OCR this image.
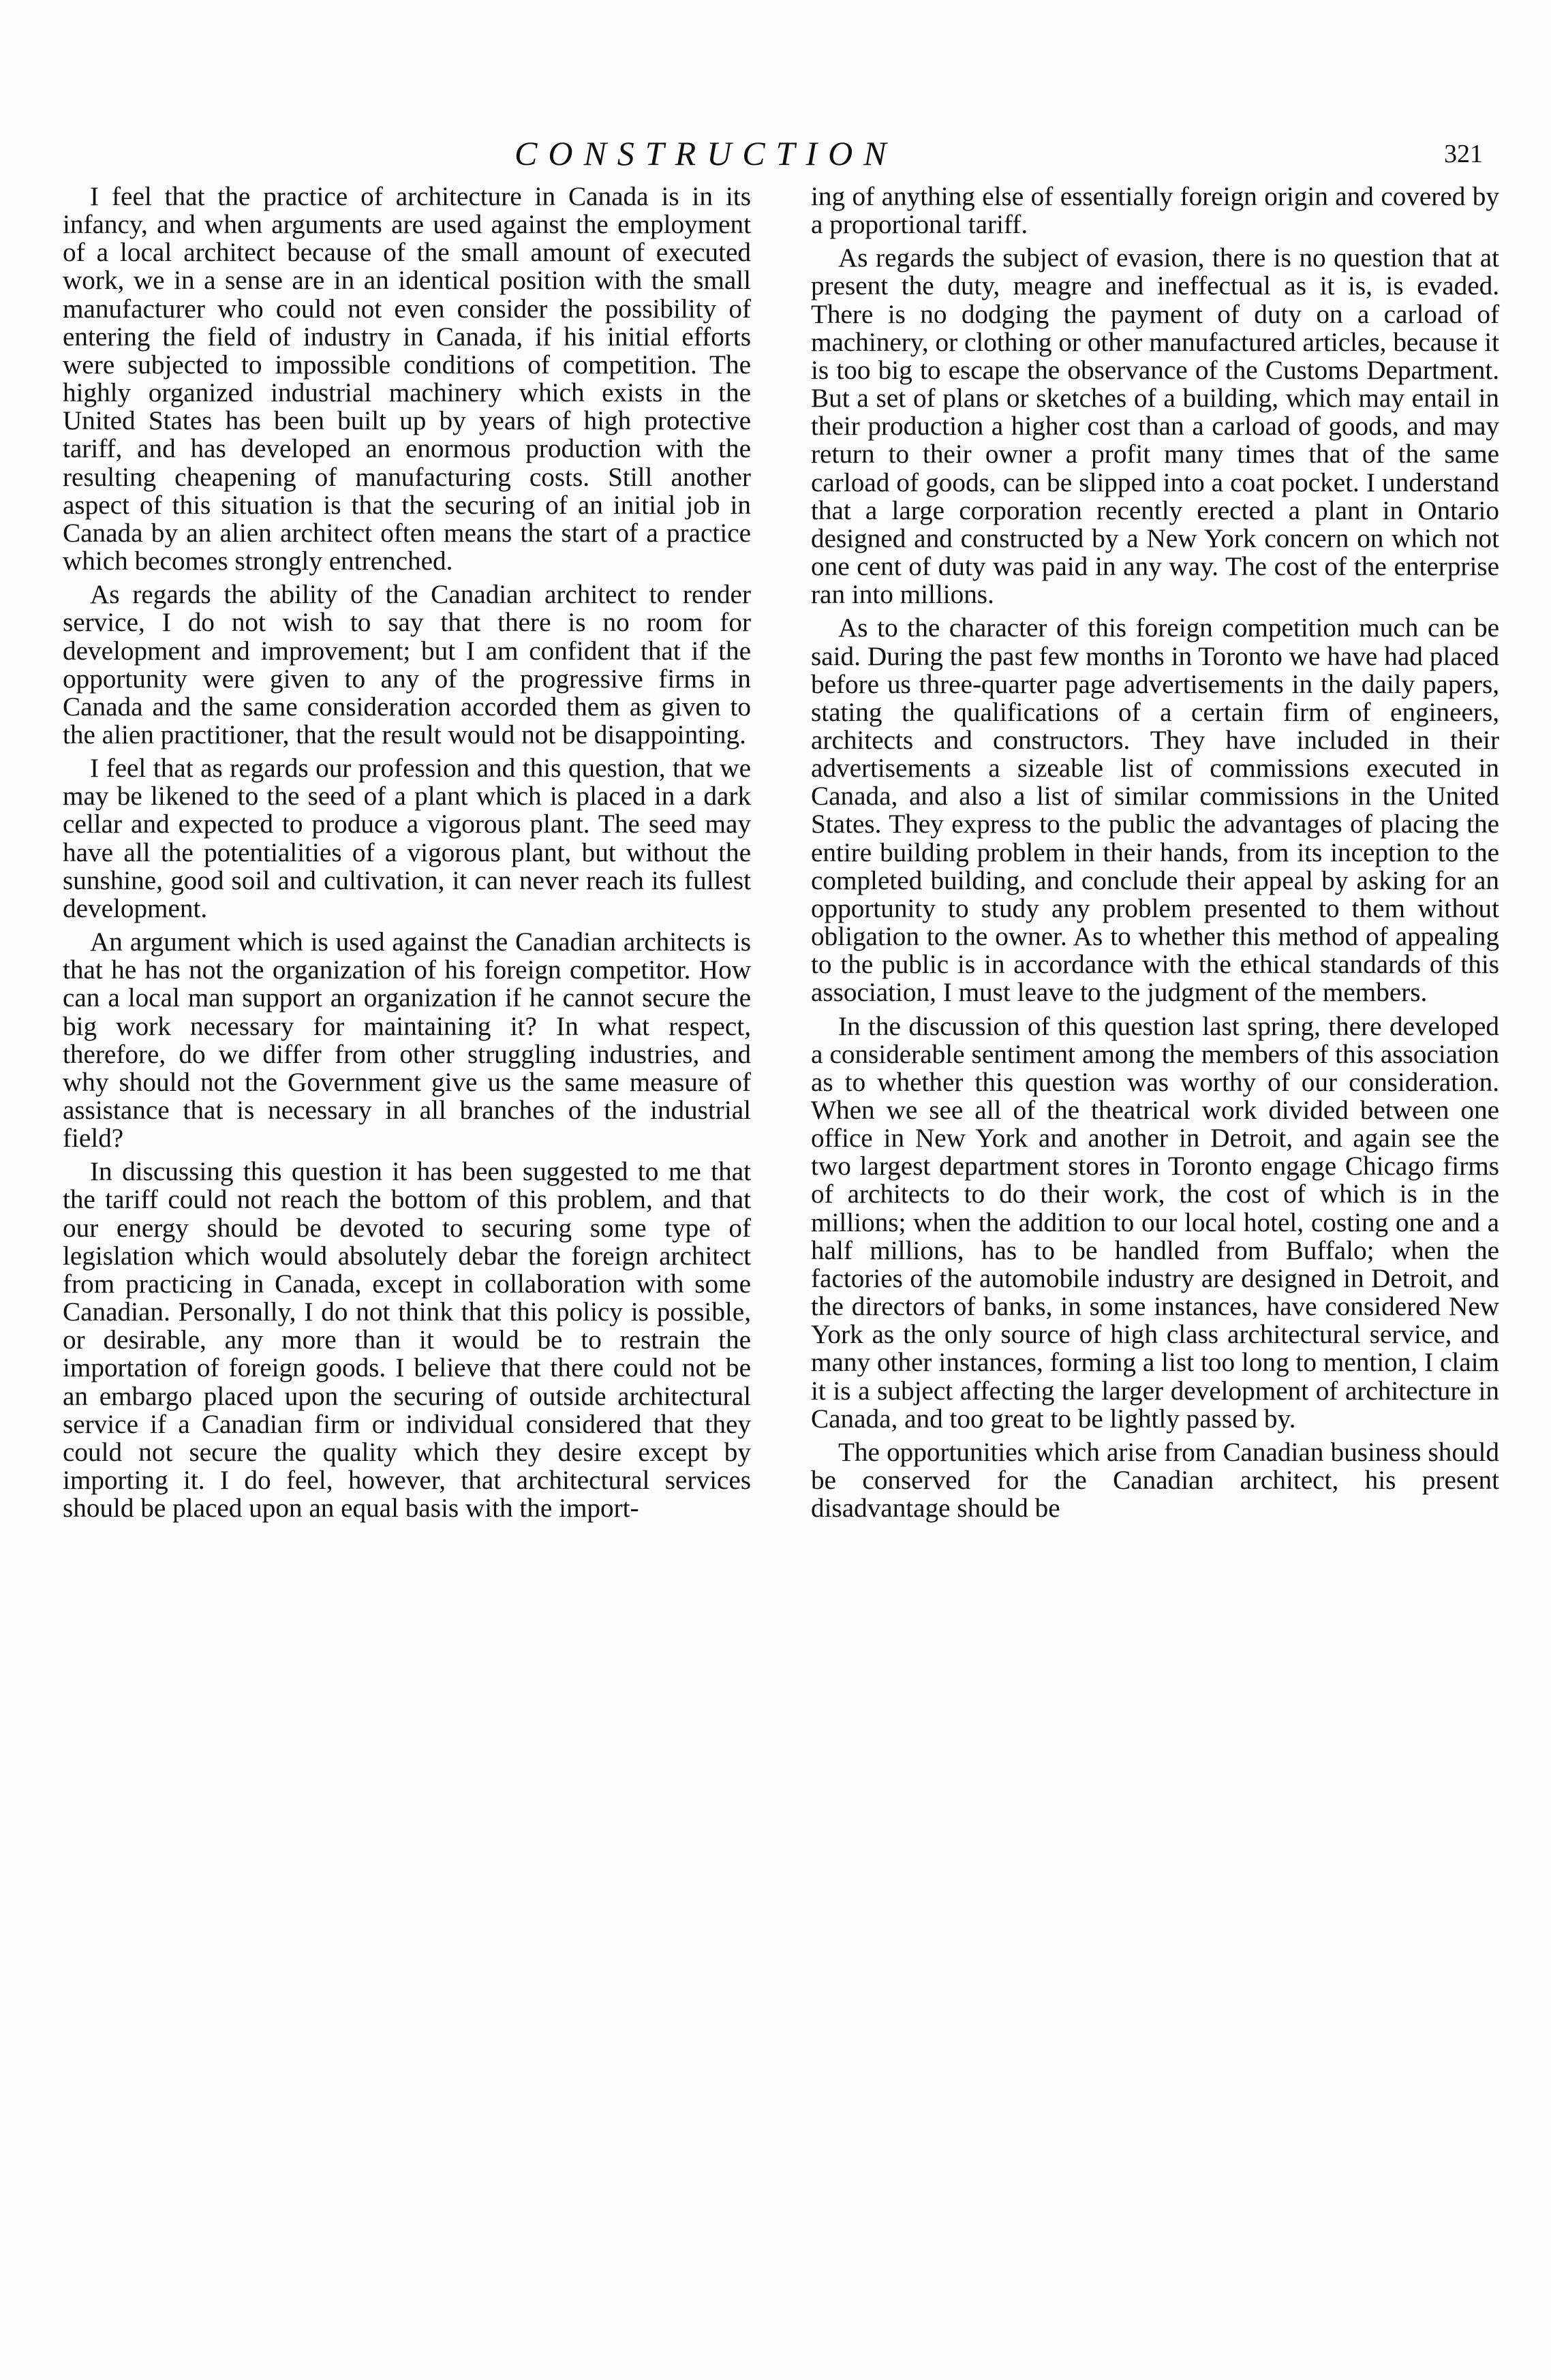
CONSTRUCTION	321

I feel that the practice of architecture in Canada is in its infancy, and when arguments are used against the employment of a local architect because of the small amount of executed work, we in a sense are in an identical position with the small manufacturer who could not even consider the possibility of entering the field of industry in Canada, if his initial efforts were subjected to impossible conditions of competition. The highly organized industrial machinery which exists in the United States has been built up by years of high protective tariff, and has developed an enormous production with the resulting cheapening of manufacturing costs. Still another aspect of this situation is that the securing of an initial job in Canada by an alien architect often means the start of a practice which becomes strongly entrenched.

As regards the ability of the Canadian architect to render service, I do not wish to say that there is no room for development and improvement; but I am confident that if the opportunity were given to any of the progressive firms in Canada and the same consideration accorded them as given to the alien practitioner, that the result would not be disappointing.

I feel that as regards our profession and this question, that we may be likened to the seed of a plant which is placed in a dark cellar and expected to produce a vigorous plant. The seed may have all the potentialities of a vigorous plant, but without the sunshine, good soil and cultivation, it can never reach its fullest development.

An argument which is used against the Canadian architects is that he has not the organization of his foreign competitor. How can a local man support an organization if he cannot secure the big work necessary for maintaining it? In what respect, therefore, do we differ from other struggling industries, and why should not the Government give us the same measure of assistance that is necessary in all branches of the industrial field?

In discussing this question it has been suggested to me that the tariff could not reach the bottom of this problem, and that our energy should be devoted to securing some type of legislation which would absolutely debar the foreign architect from practicing in Canada, except in collaboration with some Canadian. Personally, I do not think that this policy is possible, or desirable, any more than it would be to restrain the importation of foreign goods. I believe that there could not be an embargo placed upon the securing of outside architectural service if a Canadian firm or individual considered that they could not secure the quality which they desire except by importing it. I do feel, however, that architectural services should be placed upon an equal basis with the import-

ing of anything else of essentially foreign origin and covered by a proportional tariff.

As regards the subject of evasion, there is no question that at present the duty, meagre and ineffectual as it is, is evaded. There is no dodging the payment of duty on a carload of machinery, or clothing or other manufactured articles, because it is too big to escape the observance of the Customs Department. But a set of plans or sketches of a building, which may entail in their production a higher cost than a carload of goods, and may return to their owner a profit many times that of the same carload of goods, can be slipped into a coat pocket. I understand that a large corporation recently erected a plant in Ontario designed and constructed by a New York concern on which not one cent of duty was paid in any way. The cost of the enterprise ran into millions.

As to the character of this foreign competition much can be said. During the past few months in Toronto we have had placed before us three-quarter page advertisements in the daily papers, stating the qualifications of a certain firm of engineers, architects and constructors. They have included in their advertisements a sizeable list of commissions executed in Canada, and also a list of similar commissions in the United States. They express to the public the advantages of placing the entire building problem in their hands, from its inception to the completed building, and conclude their appeal by asking for an opportunity to study any problem presented to them without obligation to the owner. As to whether this method of appealing to the public is in accordance with the ethical standards of this association, I must leave to the judgment of the members.

In the discussion of this question last spring, there developed a considerable sentiment among the members of this association as to whether this question was worthy of our consideration. When we see all of the theatrical work divided between one office in New York and another in Detroit, and again see the two largest department stores in Toronto engage Chicago firms of architects to do their work, the cost of which is in the millions; when the addition to our local hotel, costing one and a half millions, has to be handled from Buffalo; when the factories of the automobile industry are designed in Detroit, and the directors of banks, in some instances, have considered New York as the only source of high class architectural service, and many other instances, forming a list too long to mention, I claim it is a subject affecting the larger development of architecture in Canada, and too great to be lightly passed by.

The opportunities which arise from Canadian business should be conserved for the Canadian architect, his present disadvantage should be
